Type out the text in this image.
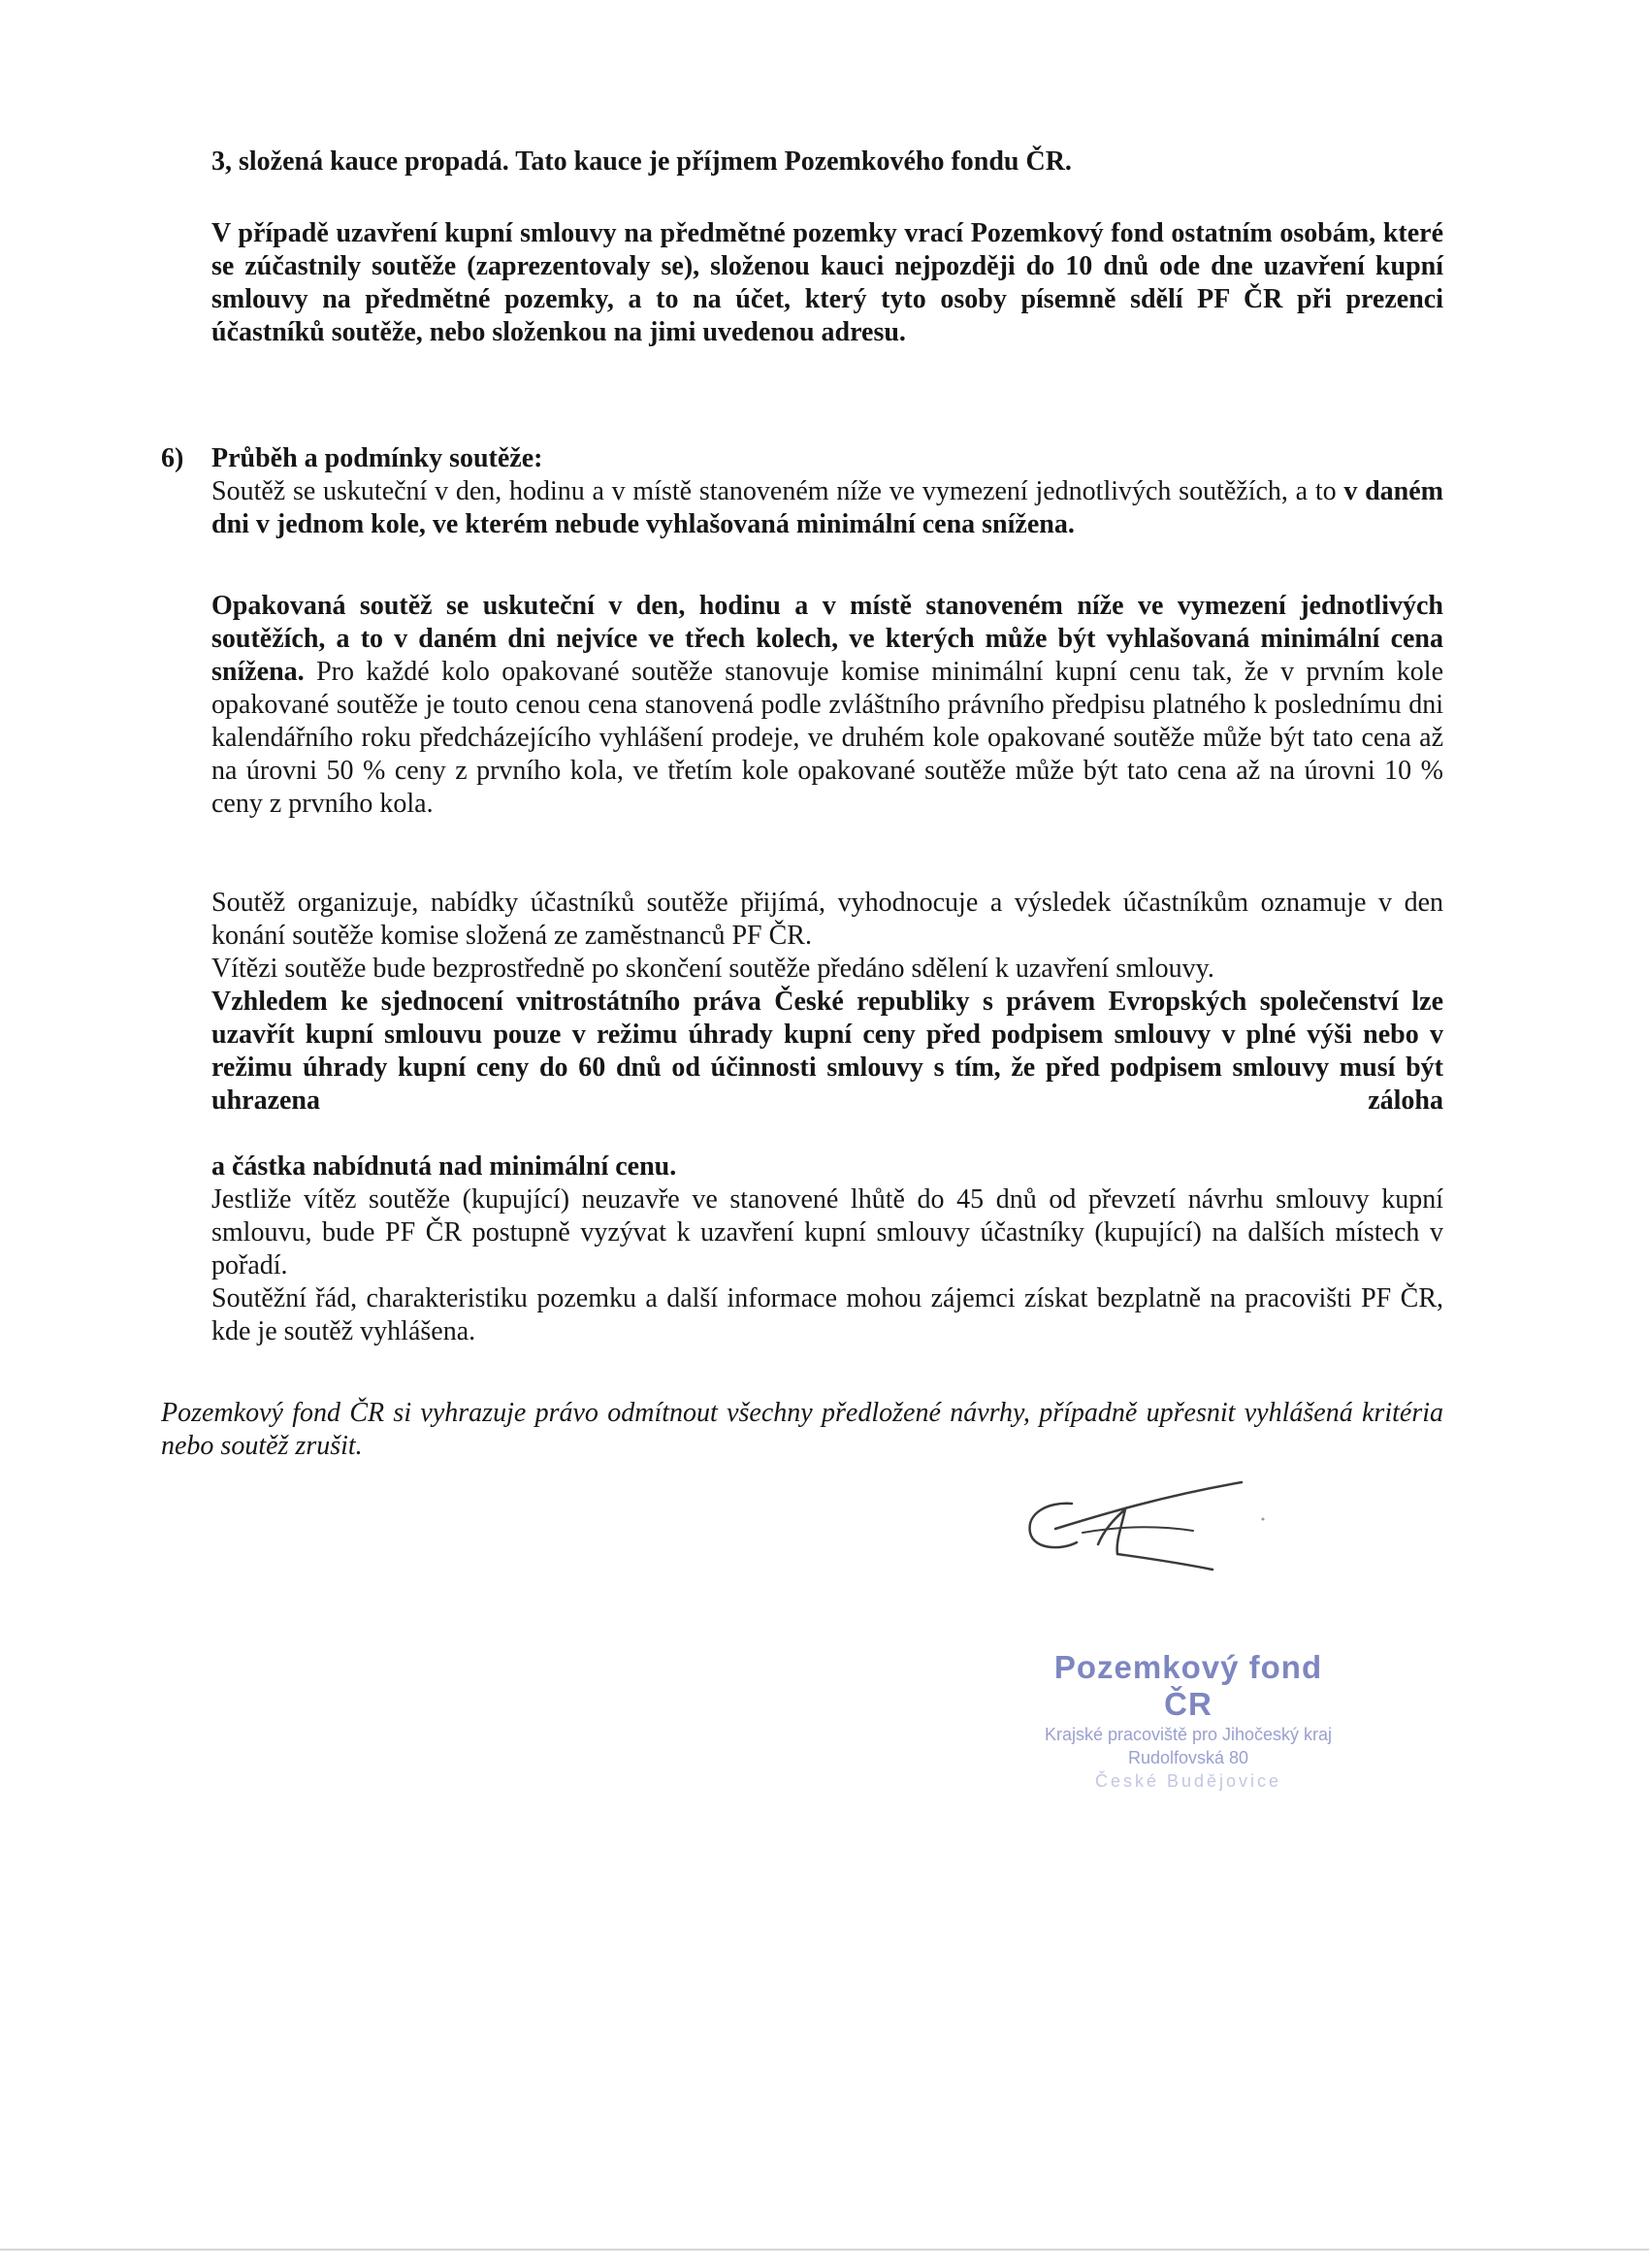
3, složená kauce propadá. Tato kauce je příjmem Pozemkového fondu ČR.

V případě uzavření kupní smlouvy na předmětné pozemky vrací Pozemkový fond ostatním osobám, které se zúčastnily soutěže (zaprezentovaly se), složenou kauci nejpozději do 10 dnů ode dne uzavření kupní smlouvy na předmětné pozemky, a to na účet, který tyto osoby písemně sdělí PF ČR při prezenci účastníků soutěže, nebo složenkou na jimi uvedenou adresu.

6) Průběh a podmínky soutěže:

Soutěž se uskuteční v den, hodinu a v místě stanoveném níže ve vymezení jednotlivých soutěžích, a to v daném dni v jednom kole, ve kterém nebude vyhlašovaná minimální cena snížena.

Opakovaná soutěž se uskuteční v den, hodinu a v místě stanoveném níže ve vymezení jednotlivých soutěžích, a to v daném dni nejvíce ve třech kolech, ve kterých může být vyhlašovaná minimální cena snížena. Pro každé kolo opakované soutěže stanovuje komise minimální kupní cenu tak, že v prvním kole opakované soutěže je touto cenou cena stanovená podle zvláštního právního předpisu platného k poslednímu dni kalendářního roku předcházejícího vyhlášení prodeje, ve druhém kole opakované soutěže může být tato cena až na úrovni 50 % ceny z prvního kola, ve třetím kole opakované soutěže může být tato cena až na úrovni 10 % ceny z prvního kola.

Soutěž organizuje, nabídky účastníků soutěže přijímá, vyhodnocuje a výsledek účastníkům oznamuje v den konání soutěže komise složená ze zaměstnanců PF ČR.

Vítězi soutěže bude bezprostředně po skončení soutěže předáno sdělení k uzavření smlouvy.

Vzhledem ke sjednocení vnitrostátního práva České republiky s právem Evropských společenství lze uzavřít kupní smlouvu pouze v režimu úhrady kupní ceny před podpisem smlouvy v plné výši nebo v režimu úhrady kupní ceny do 60 dnů od účinnosti smlouvy s tím, že před podpisem smlouvy musí být uhrazena záloha

a částka nabídnutá nad minimální cenu.

Jestliže vítěz soutěže (kupující) neuzavře ve stanovené lhůtě do 45 dnů od převzetí návrhu smlouvy kupní smlouvu, bude PF ČR postupně vyzývat k uzavření kupní smlouvy účastníky (kupující) na dalších místech v pořadí.

Soutěžní řád, charakteristiku pozemku a další informace mohou zájemci získat bezplatně na pracovišti PF ČR, kde je soutěž vyhlášena.

Pozemkový fond ČR si vyhrazuje právo odmítnout všechny předložené návrhy, případně upřesnit vyhlášená kritéria nebo soutěž zrušit.

Pozemkový fond ČR
Krajské pracoviště pro Jihočeský kraj
Rudolfovská 80
České Budějovice
